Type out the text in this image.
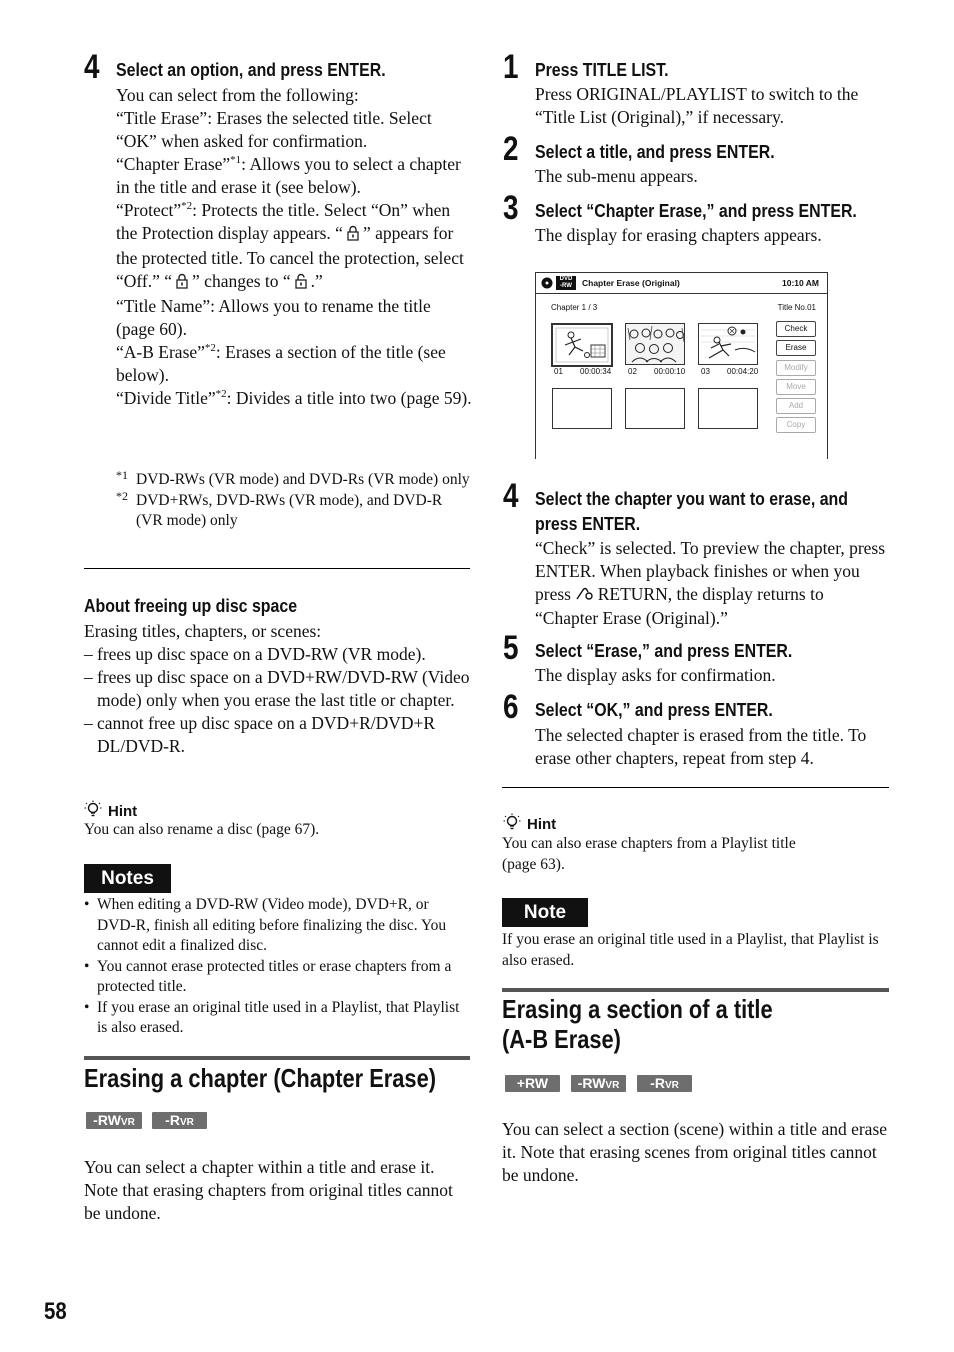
4 Select an option, and press ENTER.
You can select from the following:
“Title Erase”: Erases the selected title. Select “OK” when asked for confirmation.
“Chapter Erase”$^{*1}$: Allows you to select a chapter in the title and erase it (see below).
“Protect”$^{*2}$: Protects the title. Select “On” when the Protection display appears. “ ” appears for the protected title. To cancel the protection, select “Off.” “ ” changes to “ .”
“Title Name”: Allows you to rename the title (page 60).
“A-B Erase”$^{*2}$: Erases a section of the title (see below).
“Divide Title”$^{*2}$: Divides a title into two (page 59).
*1 DVD-RWs (VR mode) and DVD-Rs (VR mode) only
*2 DVD+RWs, DVD-RWs (VR mode), and DVD-R (VR mode) only
About freeing up disc space
Erasing titles, chapters, or scenes:
– frees up disc space on a DVD-RW (VR mode).
– frees up disc space on a DVD+RW/DVD-RW (Video mode) only when you erase the last title or chapter.
– cannot free up disc space on a DVD+R/DVD+R DL/DVD-R.
Hint
You can also rename a disc (page 67).
Notes
• When editing a DVD-RW (Video mode), DVD+R, or DVD-R, finish all editing before finalizing the disc. You cannot edit a finalized disc.
• You cannot erase protected titles or erase chapters from a protected title.
• If you erase an original title used in a Playlist, that Playlist is also erased.
Erasing a chapter (Chapter Erase)
-RWVR	-RVR
You can select a chapter within a title and erase it. Note that erasing chapters from original titles cannot be undone.
58
1 Press TITLE LIST.
Press ORIGINAL/PLAYLIST to switch to the “Title List (Original),” if necessary.
2 Select a title, and press ENTER.
The sub-menu appears.
3 Select “Chapter Erase,” and press ENTER.
The display for erasing chapters appears.
DVD
-RW	Chapter Erase (Original)	10:10 AM
Chapter 1 / 3	Title No.01
01 00:00:34 02 00:00:10 03 00:04:20
Check
Erase
Modify
Move
Add
Copy
4 Select the chapter you want to erase, and
press ENTER.
“Check” is selected. To preview the chapter, press ENTER. When playback finishes or when you press  RETURN, the display returns to “Chapter Erase (Original).”
5 Select “Erase,” and press ENTER.
The display asks for confirmation.
6 Select “OK,” and press ENTER.
The selected chapter is erased from the title. To erase other chapters, repeat from step 4.
Hint
You can also erase chapters from a Playlist title (page 63).
Note
If you erase an original title used in a Playlist, that Playlist is also erased.
Erasing a section of a title
(A-B Erase)
+RW	-RWVR	-RVR
You can select a section (scene) within a title and erase it. Note that erasing scenes from original titles cannot be undone.
